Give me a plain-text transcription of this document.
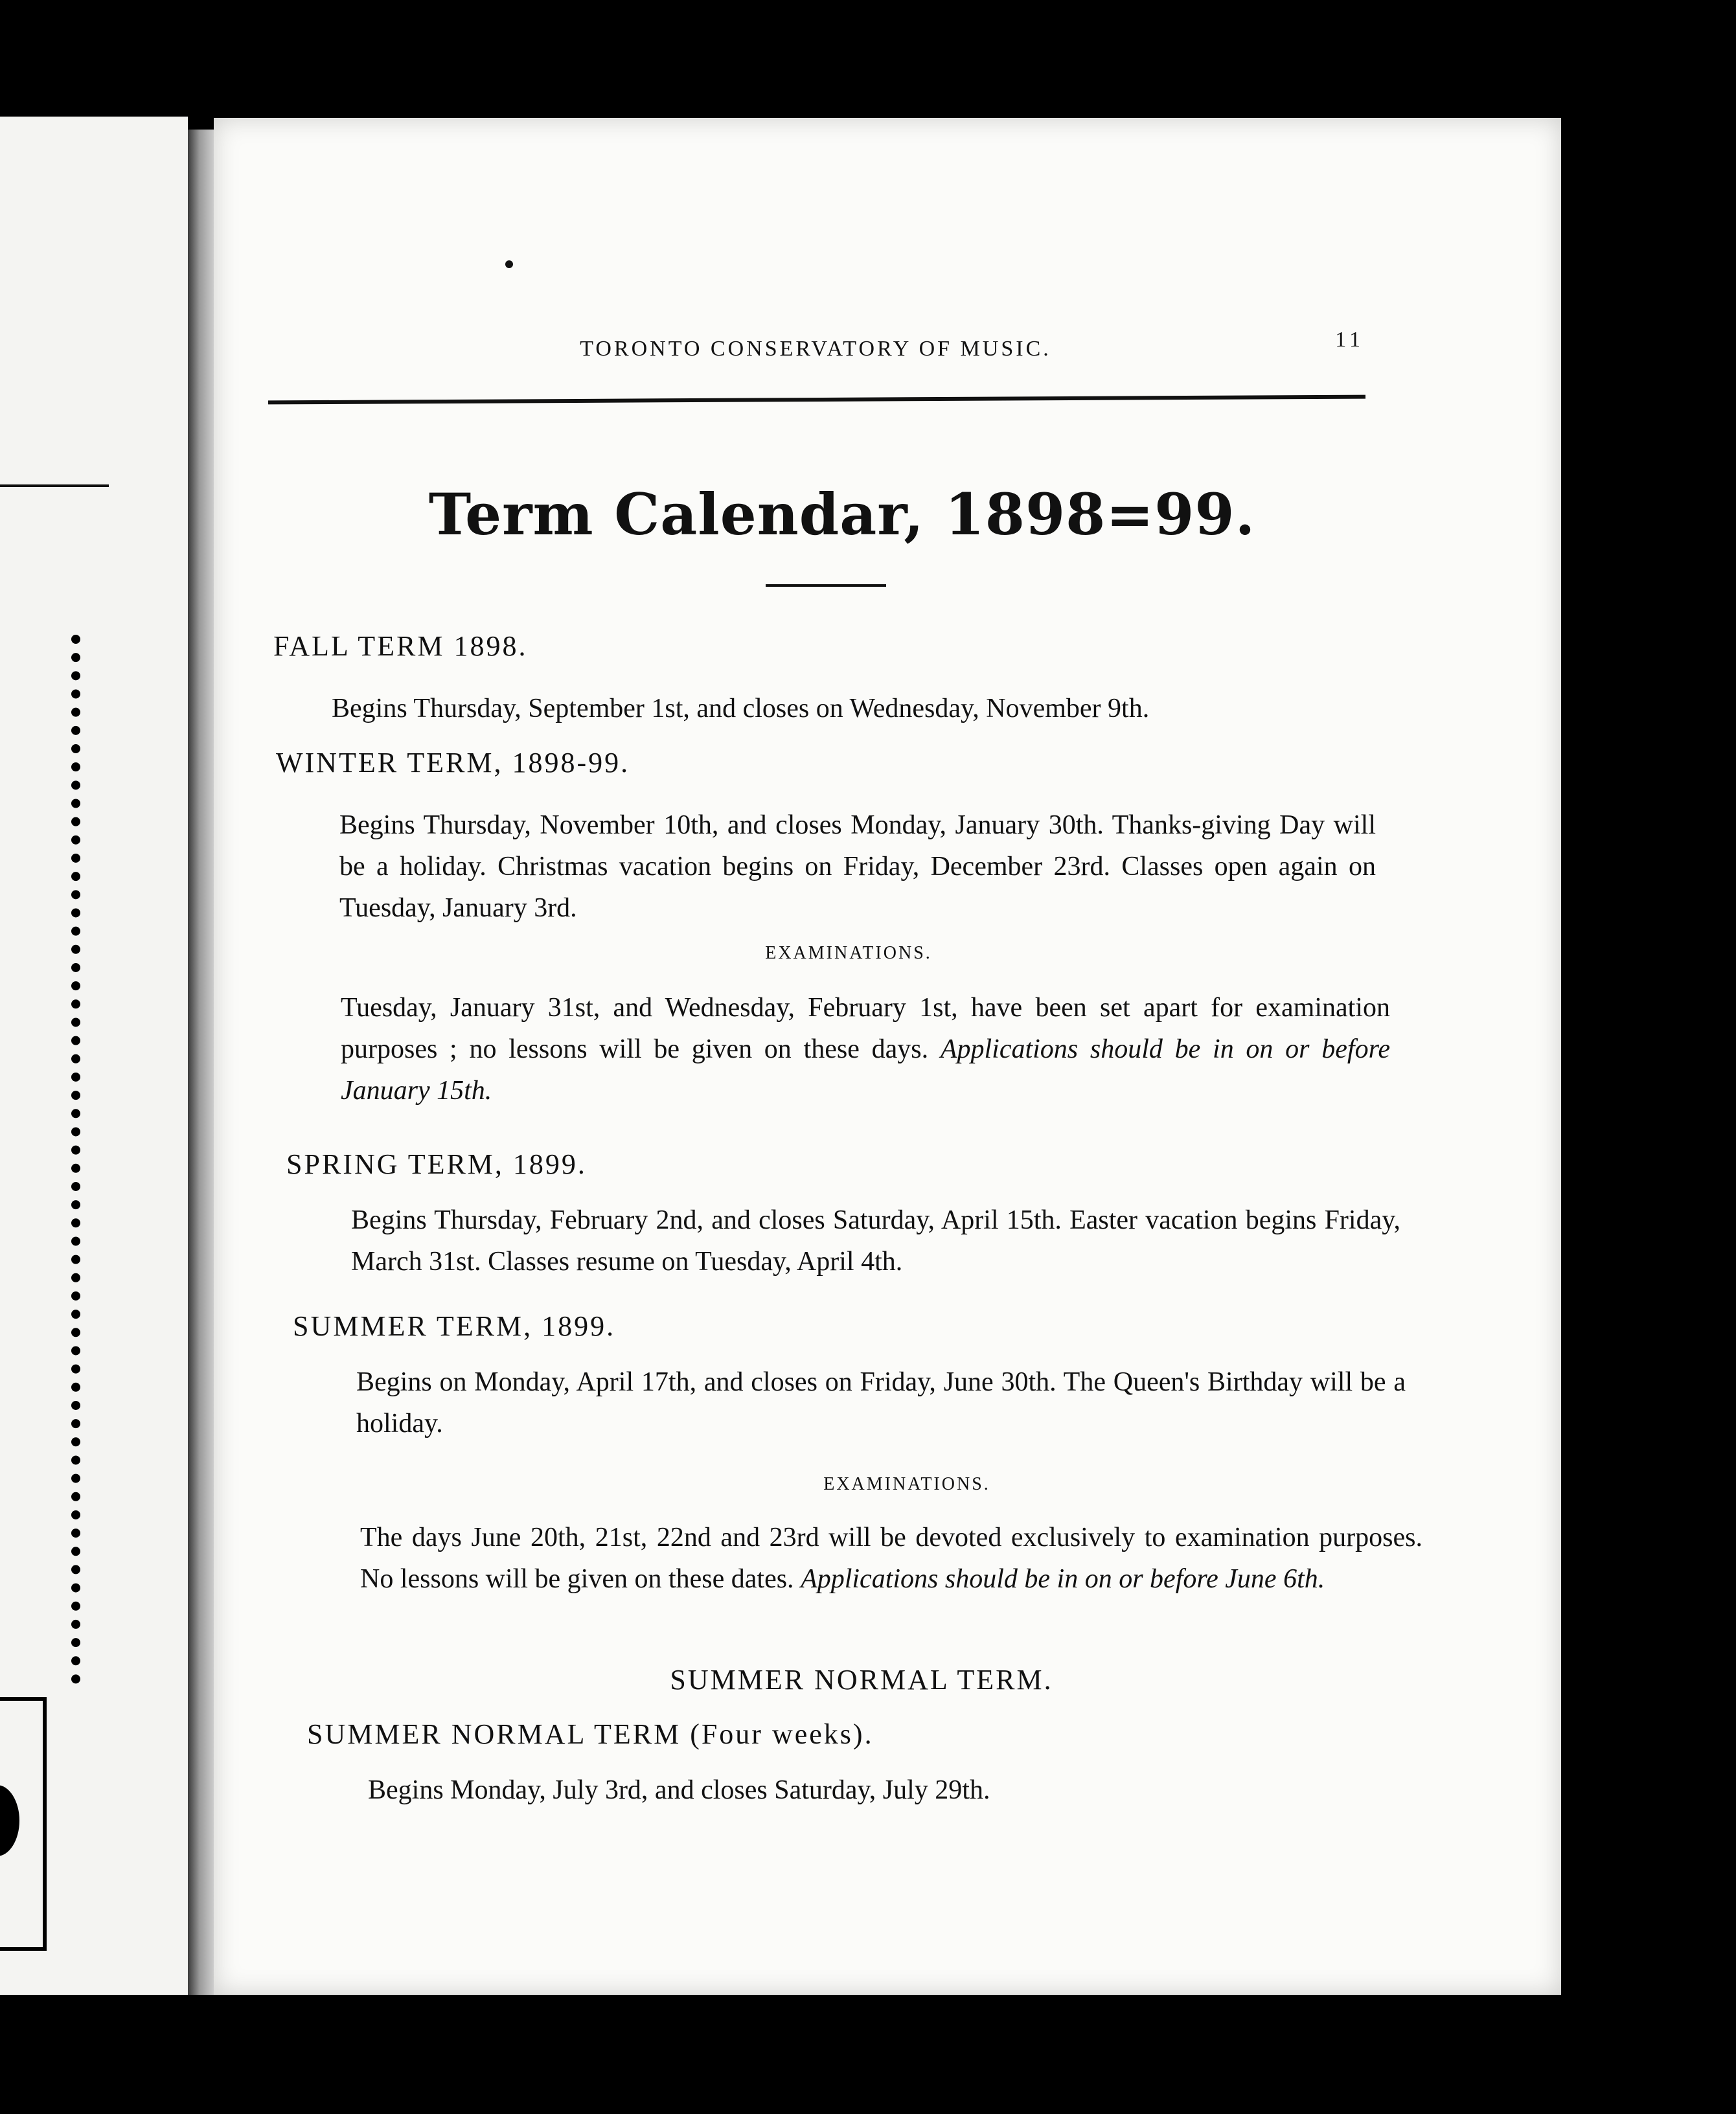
TORONTO CONSERVATORY OF MUSIC.	11
Term Calendar, 1898=99.
FALL TERM 1898.
Begins Thursday, September 1st, and closes on Wednesday, November 9th.
WINTER TERM, 1898-99.
Begins Thursday, November 10th, and closes Monday, January 30th. Thanks-giving Day will be a holiday. Christmas vacation begins on Friday, December 23rd. Classes open again on Tuesday, January 3rd.
EXAMINATIONS.
Tuesday, January 31st, and Wednesday, February 1st, have been set apart for examination purposes ; no lessons will be given on these days. Applications should be in on or before January 15th.
SPRING TERM, 1899.
Begins Thursday, February 2nd, and closes Saturday, April 15th. Easter vacation begins Friday, March 31st. Classes resume on Tuesday, April 4th.
SUMMER TERM, 1899.
Begins on Monday, April 17th, and closes on Friday, June 30th. The Queen's Birthday will be a holiday.
EXAMINATIONS.
The days June 20th, 21st, 22nd and 23rd will be devoted exclusively to examination purposes. No lessons will be given on these dates. Applications should be in on or before June 6th.
SUMMER NORMAL TERM.
SUMMER NORMAL TERM (Four weeks).
Begins Monday, July 3rd, and closes Saturday, July 29th.
